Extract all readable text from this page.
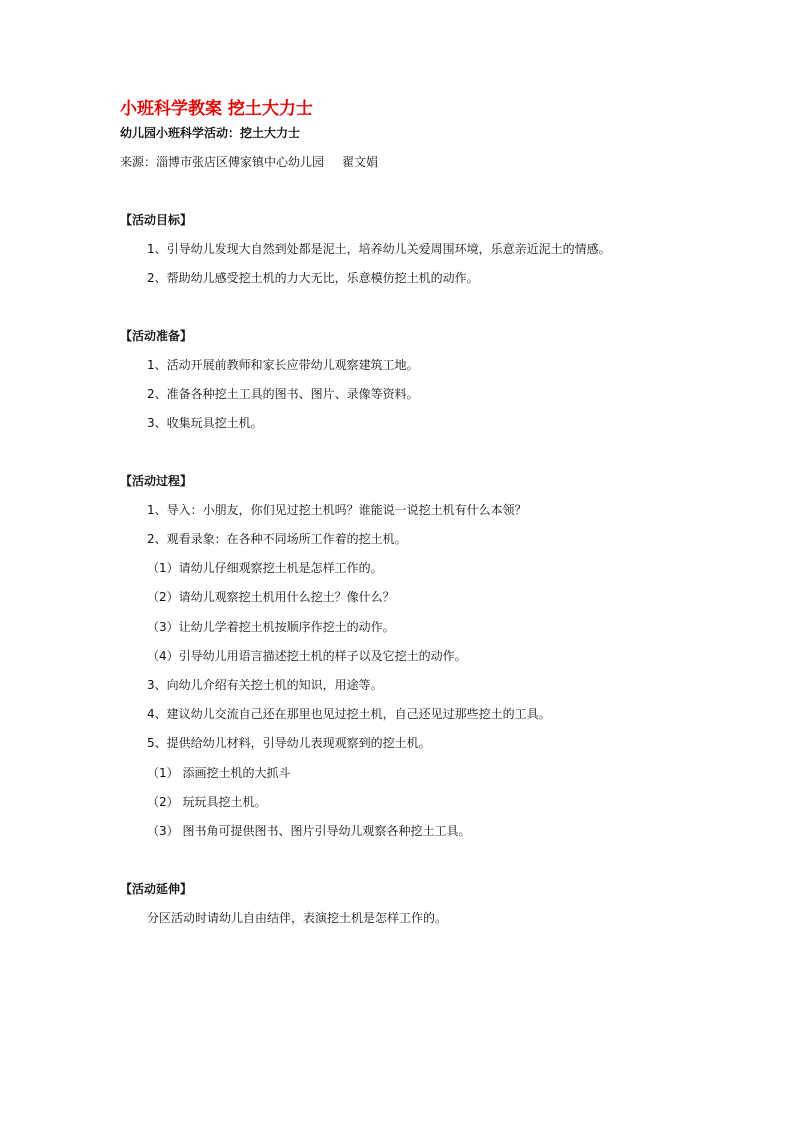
小班科学教案 挖土大力士
幼儿园小班科学活动：挖土大力士
来源：淄博市张店区傅家镇中心幼儿园 翟文娟
【活动目标】
1、引导幼儿发现大自然到处都是泥土，培养幼儿关爱周围环境，乐意亲近泥土的情感。
2、帮助幼儿感受挖土机的力大无比，乐意模仿挖土机的动作。
【活动准备】
1、活动开展前教师和家长应带幼儿观察建筑工地。
2、准备各种挖土工具的图书、图片、录像等资料。
3、收集玩具挖土机。
【活动过程】
1、导入：小朋友，你们见过挖土机吗？谁能说一说挖土机有什么本领？
2、观看录象：在各种不同场所工作着的挖土机。
（1）请幼儿仔细观察挖土机是怎样工作的。
（2）请幼儿观察挖土机用什么挖土？像什么？
（3）让幼儿学着挖土机按顺序作挖土的动作。
（4）引导幼儿用语言描述挖土机的样子以及它挖土的动作。
3、向幼儿介绍有关挖土机的知识，用途等。
4、建议幼儿交流自己还在那里也见过挖土机，自己还见过那些挖土的工具。
5、提供给幼儿材料，引导幼儿表现观察到的挖土机。
（1） 添画挖土机的大抓斗
（2） 玩玩具挖土机。
（3） 图书角可提供图书、图片引导幼儿观察各种挖土工具。
【活动延伸】
分区活动时请幼儿自由结伴，表演挖土机是怎样工作的。
